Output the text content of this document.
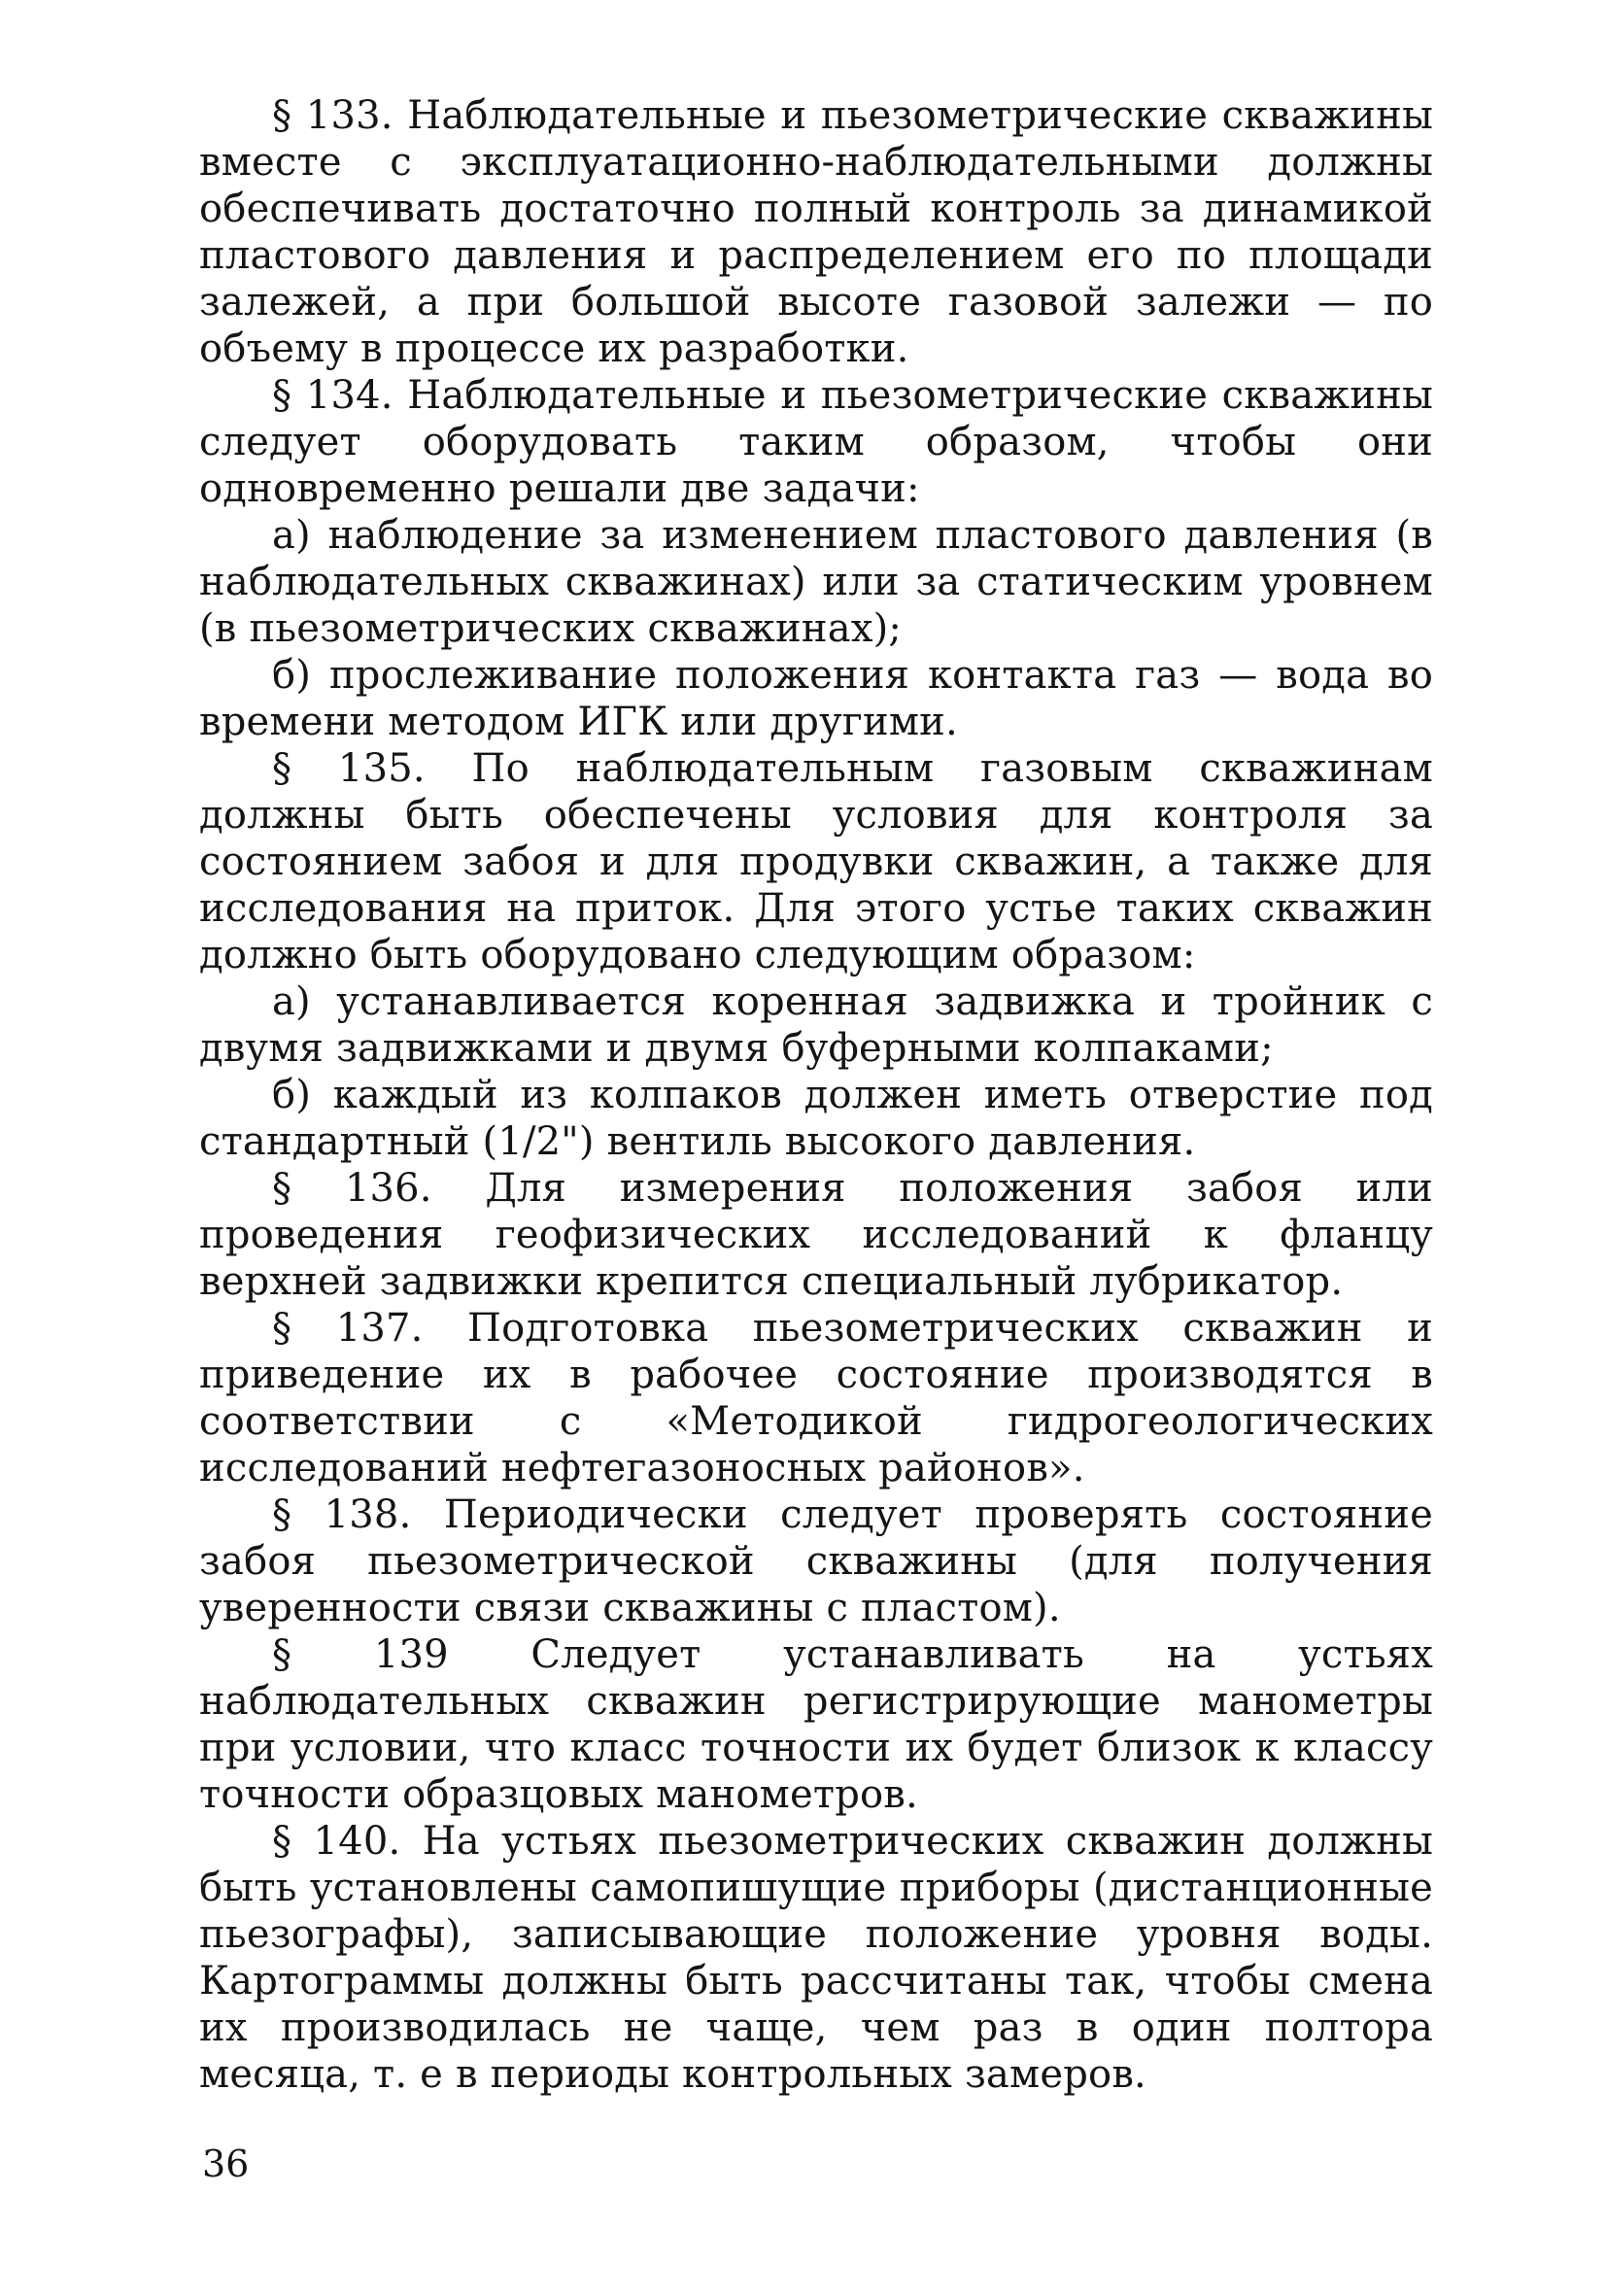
§ 133. Наблюдательные и пьезометрические скважины вместе с эксплуатационно-наблюдательными должны обеспечивать достаточно полный контроль за динамикой пластового давления и распределением его по площади залежей, а при большой высоте газовой залежи — по объему в процессе их разработки.

§ 134. Наблюдательные и пьезометрические скважины следует оборудовать таким образом, чтобы они одновременно решали две задачи:

а) наблюдение за изменением пластового давления (в наблюдательных скважинах) или за статическим уровнем (в пьезометрических скважинах);

б) прослеживание положения контакта газ — вода во времени методом ИГК или другими.

§ 135. По наблюдательным газовым скважинам должны быть обеспечены условия для контроля за состоянием забоя и для продувки скважин, а также для исследования на приток. Для этого устье таких скважин должно быть оборудовано следующим образом:

а) устанавливается коренная задвижка и тройник с двумя задвижками и двумя буферными колпаками;

б) каждый из колпаков должен иметь отверстие под стандартный (1/2") вентиль высокого давления.

§ 136. Для измерения положения забоя или проведения геофизических исследований к фланцу верхней задвижки крепится специальный лубрикатор.

§ 137. Подготовка пьезометрических скважин и приведение их в рабочее состояние производятся в соответствии с «Методикой гидрогеологических исследований нефтегазоносных районов».

§ 138. Периодически следует проверять состояние забоя пьезометрической скважины (для получения уверенности связи скважины с пластом).

§ 139 Следует устанавливать на устьях наблюдательных скважин регистрирующие манометры при условии, что класс точности их будет близок к классу точности образцовых манометров.

§ 140. На устьях пьезометрических скважин должны быть установлены самопишущие приборы (дистанционные пьезографы), записывающие положение уровня воды. Картограммы должны быть рассчитаны так, чтобы смена их производилась не чаще, чем раз в один полтора месяца, т. е в периоды контрольных замеров.

36
